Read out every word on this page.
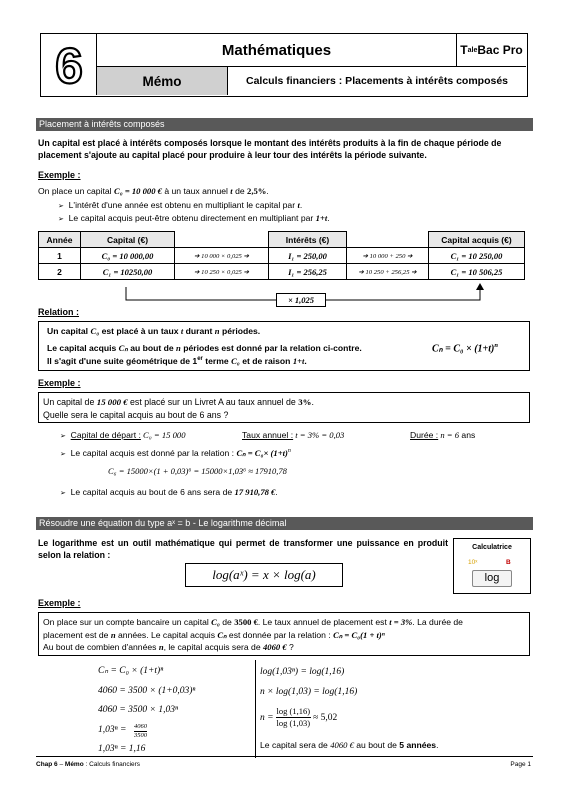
6	Mathématiques	T ale Bac Pro
Mémo	Calculs financiers : Placements à intérêts composés
Placement à intérêts composés
Un capital est placé à intérêts composés lorsque le montant des intérêts produits à la fin de chaque période de placement s'ajoute au capital placé pour produire à leur tour des intérêts la période suivante.
Exemple :
On place un capital C₀ = 10 000 € à un taux annuel t de 2,5%.
➢ L'intérêt d'une année est obtenu en multipliant le capital par t.
➢ Le capital acquis peut-être obtenu directement en multipliant par 1+t.
Année	Capital (€)		Intérêts (€)		Capital acquis (€)
1	C₀ = 10 000,00	➔ 10 000 × 0,025 ➔	I₁ = 250,00	➔ 10 000 + 250 ➔	C₁ = 10 250,00
2	C₁ = 10250,00	➔ 10 250 × 0,025 ➔	I₁ = 256,25	➔ 10 250 + 256,25 ➔	C₁ = 10 506,25
× 1,025
Relation :
Un capital C₀ est placé à un taux t durant n périodes.
Le capital acquis Cₙ au bout de n périodes est donné par la relation ci-contre.
Il s'agit d'une suite géométrique de 1er terme C₀ et de raison 1+t.
$C_n = C_0 \times (1+t)^n$
Exemple :
Un capital de 15 000 € est placé sur un Livret A au taux annuel de 3%.
Quelle sera le capital acquis au bout de 6 ans ?
➢ Capital de départ : C₀ = 15 000	Taux annuel : t = 3% = 0,03	Durée : n = 6 ans
➢ Le capital acquis est donné par la relation : $C_n = C_0\times (1+t)^n$
C₆ = 15000×(1 + 0,03)⁶ = 15000×1,03⁶ ≈ 17910,78
➢ Le capital acquis au bout de 6 ans sera de 17 910,78 €.
Résoudre une équation du type aˣ = b - Le logarithme décimal
Le logarithme est un outil mathématique qui permet de transformer une puissance en produit selon la relation :
log(aˣ) = x × log(a)
Calculatrice
10ˣ	B
log
Exemple :
On place sur un compte bancaire un capital C₀ de 3500 €. Le taux annuel de placement est t = 3%. La durée de
placement est de n années. Le capital acquis Cₙ est donnée par la relation : Cₙ = C₀(1 + t)ⁿ
Au bout de combien d'années n, le capital acquis sera de 4060 € ?
Cₙ = C₀ × (1+t)ⁿ
4060 = 3500 × (1+0,03)ⁿ
4060 = 3500 × 1,03ⁿ
1,03ⁿ = 4060
3500
1,03ⁿ = 1,16
log(1,03ⁿ) = log(1,16)
n × log(1,03) = log(1,16)
$n = \frac{\log (1,16)}{\log (1,03)} \approx 5,02$
Le capital sera de 4060 € au bout de 5 années.
Chap 6 – Mémo : Calculs financiers	Page 1
